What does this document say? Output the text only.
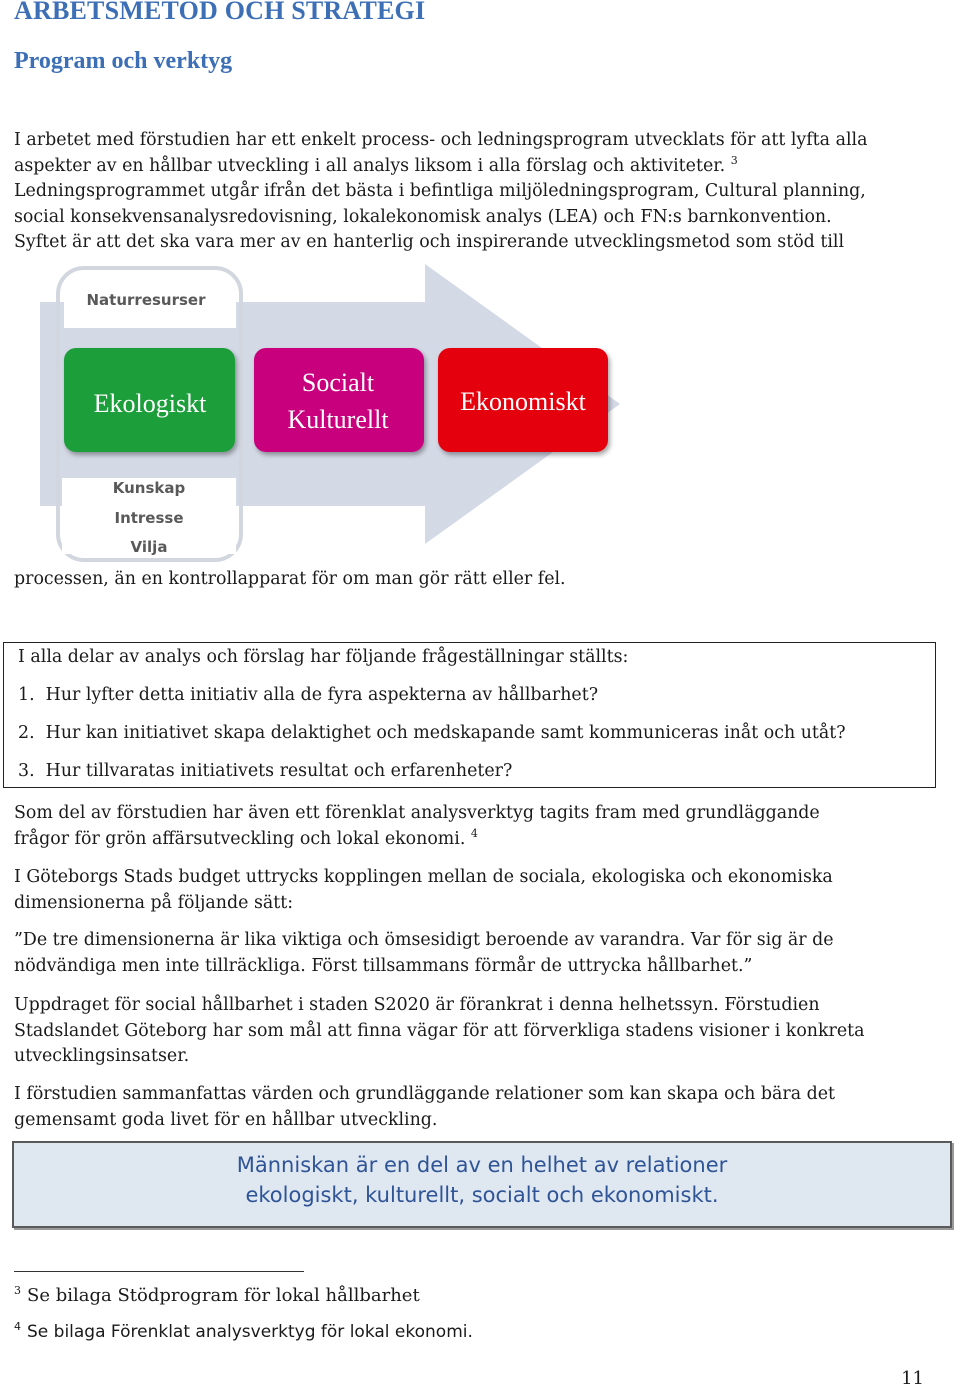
ARBETSMETOD OCH STRATEGI
Program och verktyg
I arbetet med förstudien har ett enkelt process- och ledningsprogram utvecklats för att lyfta alla
aspekter av en hållbar utveckling i all analys liksom i alla förslag och aktiviteter. $^3$
Ledningsprogrammet utgår ifrån det bästa i befintliga miljöledningsprogram, Cultural planning,
social konsekvensanalysredovisning, lokalekonomisk analys (LEA) och FN:s barnkonvention.
Syftet är att det ska vara mer av en hanterlig och inspirerande utvecklingsmetod som stöd till
Naturresurser
Ekologiskt
Socialt
Kulturellt
Ekonomiskt
Kunskap
Intresse
Vilja
processen, än en kontrollapparat för om man gör rätt eller fel.
I alla delar av analys och förslag har följande frågeställningar ställts:
1. Hur lyfter detta initiativ alla de fyra aspekterna av hållbarhet?
2. Hur kan initiativet skapa delaktighet och medskapande samt kommuniceras inåt och utåt?
3. Hur tillvaratas initiativets resultat och erfarenheter?
Som del av förstudien har även ett förenklat analysverktyg tagits fram med grundläggande
frågor för grön affärsutveckling och lokal ekonomi. $^4$
I Göteborgs Stads budget uttrycks kopplingen mellan de sociala, ekologiska och ekonomiska
dimensionerna på följande sätt:
”De tre dimensionerna är lika viktiga och ömsesidigt beroende av varandra. Var för sig är de
nödvändiga men inte tillräckliga. Först tillsammans förmår de uttrycka hållbarhet.”
Uppdraget för social hållbarhet i staden S2020 är förankrat i denna helhetssyn. Förstudien
Stadslandet Göteborg har som mål att finna vägar för att förverkliga stadens visioner i konkreta
utvecklingsinsatser.
I förstudien sammanfattas värden och grundläggande relationer som kan skapa och bära det
gemensamt goda livet för en hållbar utveckling.
Människan är en del av en helhet av relationer
ekologiskt, kulturellt, socialt och ekonomiskt.
$^3$ Se bilaga Stödprogram för lokal hållbarhet
$^4$ Se bilaga Förenklat analysverktyg för lokal ekonomi.
11
